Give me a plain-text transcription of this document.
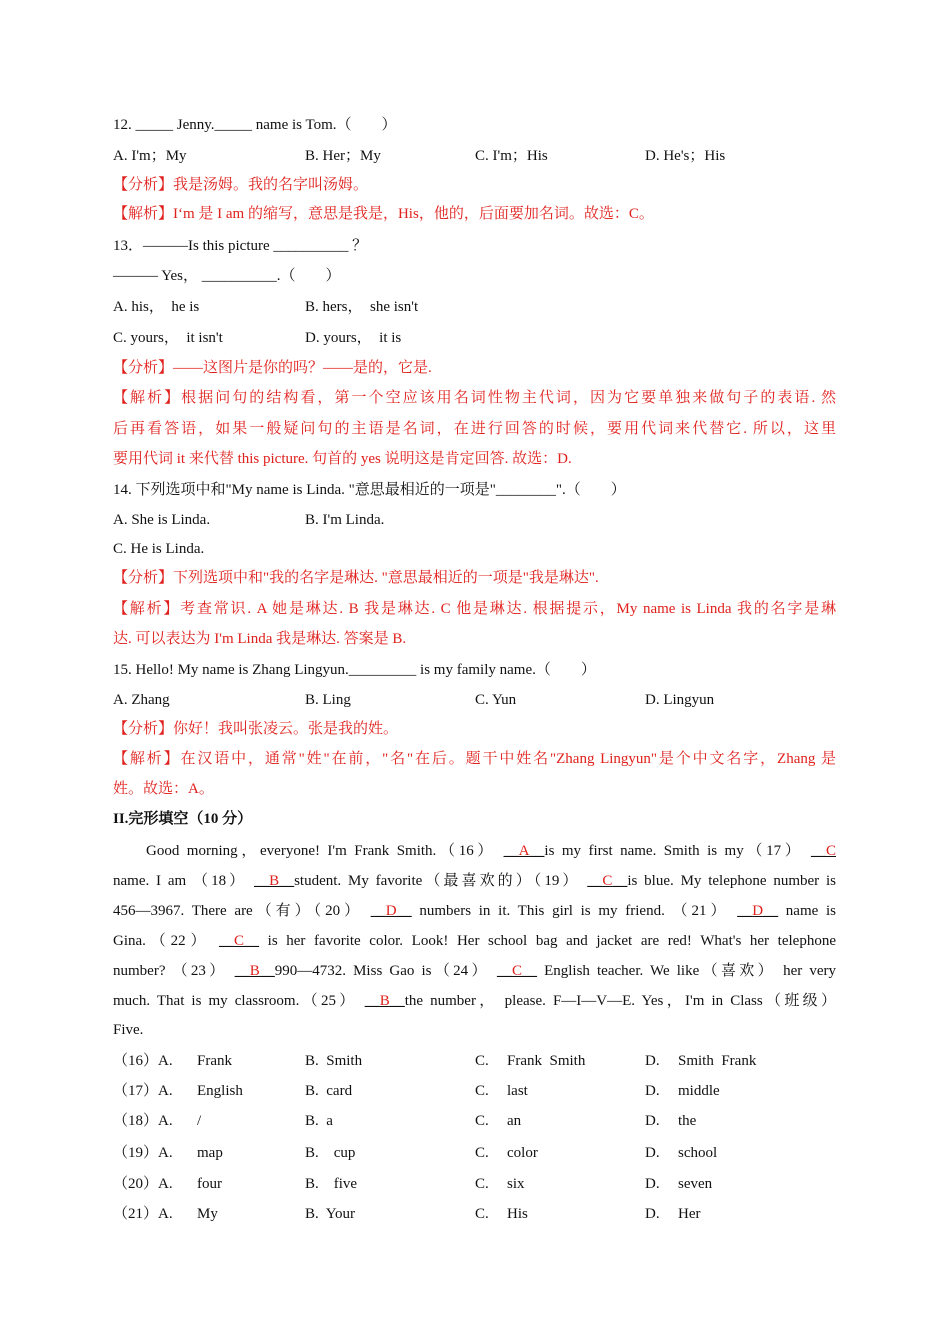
12. _____ Jenny._____ name is Tom.（　　）
A. I'm；My	B. Her；My	C. I'm；His	D. He's；His
【分析】我是汤姆。我的名字叫汤姆。
【解析】I‘m 是 I am 的缩写，意思是我是，His，他的，后面要加名词。故选：C。
13．———Is this picture __________ ？
——— Yes， __________.（　　）
A. his，  he is	B. hers，  she isn't
C. yours，  it isn't	D. yours，  it is
【分析】——这图片是你的吗？——是的，它是.
【解析】根据问句的结构看，第一个空应该用名词性物主代词，因为它要单独来做句子的表语. 然
后再看答语，如果一般疑问句的主语是名词，在进行回答的时候，要用代词来代替它. 所以，这里
要用代词 it 来代替 this picture. 句首的 yes 说明这是肯定回答. 故选：D.
14. 下列选项中和"My name is Linda. "意思最相近的一项是"________".（　　）
A. She is Linda.	B. I'm Linda.
C. He is Linda.
【分析】下列选项中和"我的名字是琳达. "意思最相近的一项是"我是琳达".
【解析】考查常识. A 她是琳达. B 我是琳达. C 他是琳达. 根据提示，My name is Linda 我的名字是琳
达. 可以表达为 I'm Linda 我是琳达. 答案是 B.
15. Hello! My name is Zhang Lingyun._________ is my family name.（　　）
A. Zhang	B. Ling	C. Yun	D. Lingyun
【分析】你好！我叫张凌云。张是我的姓。
【解析】在汉语中，通常"姓"在前，"名"在后。题干中姓名"Zhang Lingyun"是个中文名字，Zhang 是
姓。故选：A。
II.完形填空（10 分）
Good morning，everyone! I'm Frank Smith.（16） __A__is my first name. Smith is my（17） __C
name. I am （18） __B__student. My favorite（最喜欢的）（19） __C__is blue. My telephone number is
456—3967. There are（有）（20） __D__ numbers in it. This girl is my friend. （21） __D__ name is
Gina.（22） __C__ is her favorite color. Look! Her school bag and jacket are red! What's her telephone
number? （23） __B__990—4732. Miss Gao is（24） __C__ English teacher. We like（喜欢） her very
much. That is my classroom.（25） __B__the number， please. F—I—V—E. Yes，I'm in Class（班级）
Five.
（16）A. Frank	B.  Smith	C. Frank  Smith	D. Smith  Frank
（17）A. English	B.  card	C. last	D. middle
（18）A. /	B.  a	C. an	D. the
（19）A. map	B.    cup	C. color	D. school
（20）A. four	B.    five	C. six	D. seven
（21）A. My	B.  Your	C. His	D. Her
